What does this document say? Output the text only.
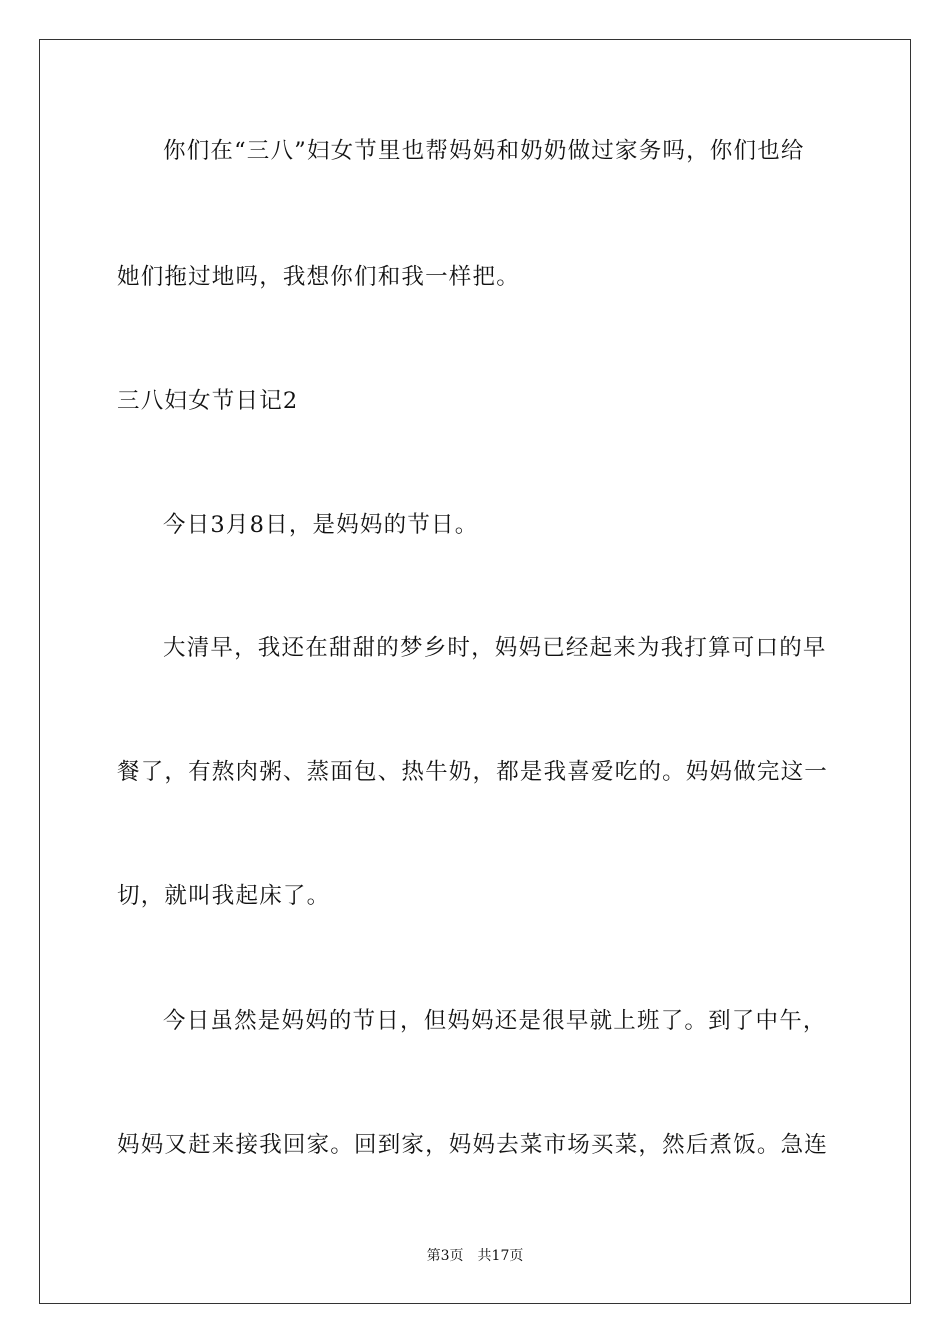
你们在“三八”妇女节里也帮妈妈和奶奶做过家务吗，你们也给
她们拖过地吗，我想你们和我一样把。
三八妇女节日记2
今日3月8日，是妈妈的节日。
大清早，我还在甜甜的梦乡时，妈妈已经起来为我打算可口的早
餐了，有熬肉粥、蒸面包、热牛奶，都是我喜爱吃的。妈妈做完这一
切，就叫我起床了。
今日虽然是妈妈的节日，但妈妈还是很早就上班了。到了中午，
妈妈又赶来接我回家。回到家，妈妈去菜市场买菜，然后煮饭。急连
第3页 共17页
